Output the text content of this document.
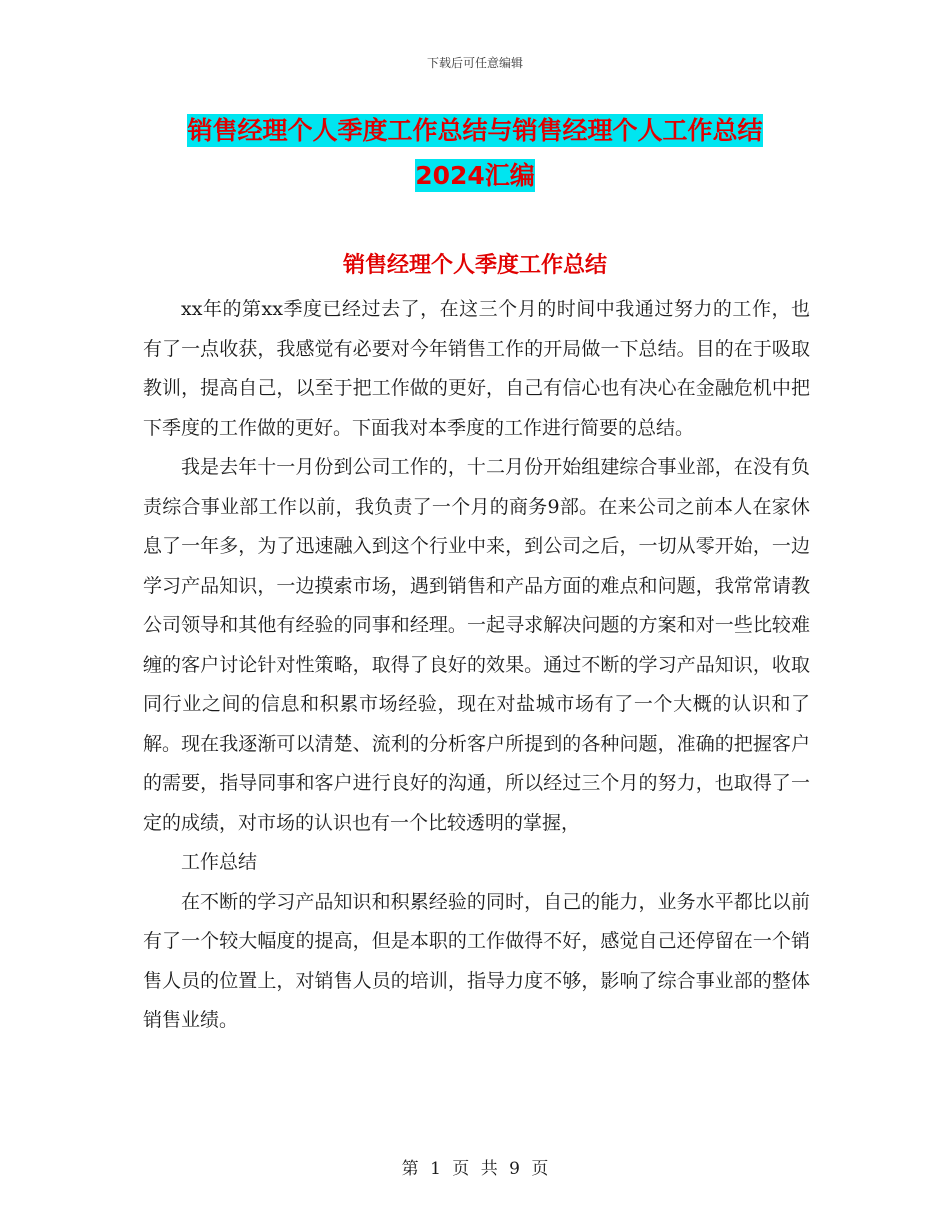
下载后可任意编辑
销售经理个人季度工作总结与销售经理个人工作总结
2024汇编
销售经理个人季度工作总结

xx年的第xx季度已经过去了，在这三个月的时间中我通过努力的工作，也有了一点收获，我感觉有必要对今年销售工作的开局做一下总结。目的在于吸取教训，提高自己，以至于把工作做的更好，自己有信心也有决心在金融危机中把下季度的工作做的更好。下面我对本季度的工作进行简要的总结。

我是去年十一月份到公司工作的，十二月份开始组建综合事业部，在没有负责综合事业部工作以前，我负责了一个月的商务9部。在来公司之前本人在家休息了一年多，为了迅速融入到这个行业中来，到公司之后，一切从零开始，一边学习产品知识，一边摸索市场，遇到销售和产品方面的难点和问题，我常常请教公司领导和其他有经验的同事和经理。一起寻求解决问题的方案和对一些比较难缠的客户讨论针对性策略，取得了良好的效果。通过不断的学习产品知识，收取同行业之间的信息和积累市场经验，现在对盐城市场有了一个大概的认识和了解。现在我逐渐可以清楚、流利的分析客户所提到的各种问题，准确的把握客户的需要，指导同事和客户进行良好的沟通，所以经过三个月的努力，也取得了一定的成绩，对市场的认识也有一个比较透明的掌握，

工作总结

在不断的学习产品知识和积累经验的同时，自己的能力，业务水平都比以前有了一个较大幅度的提高，但是本职的工作做得不好，感觉自己还停留在一个销售人员的位置上，对销售人员的培训，指导力度不够，影响了综合事业部的整体销售业绩。

第 1 页 共 9 页
